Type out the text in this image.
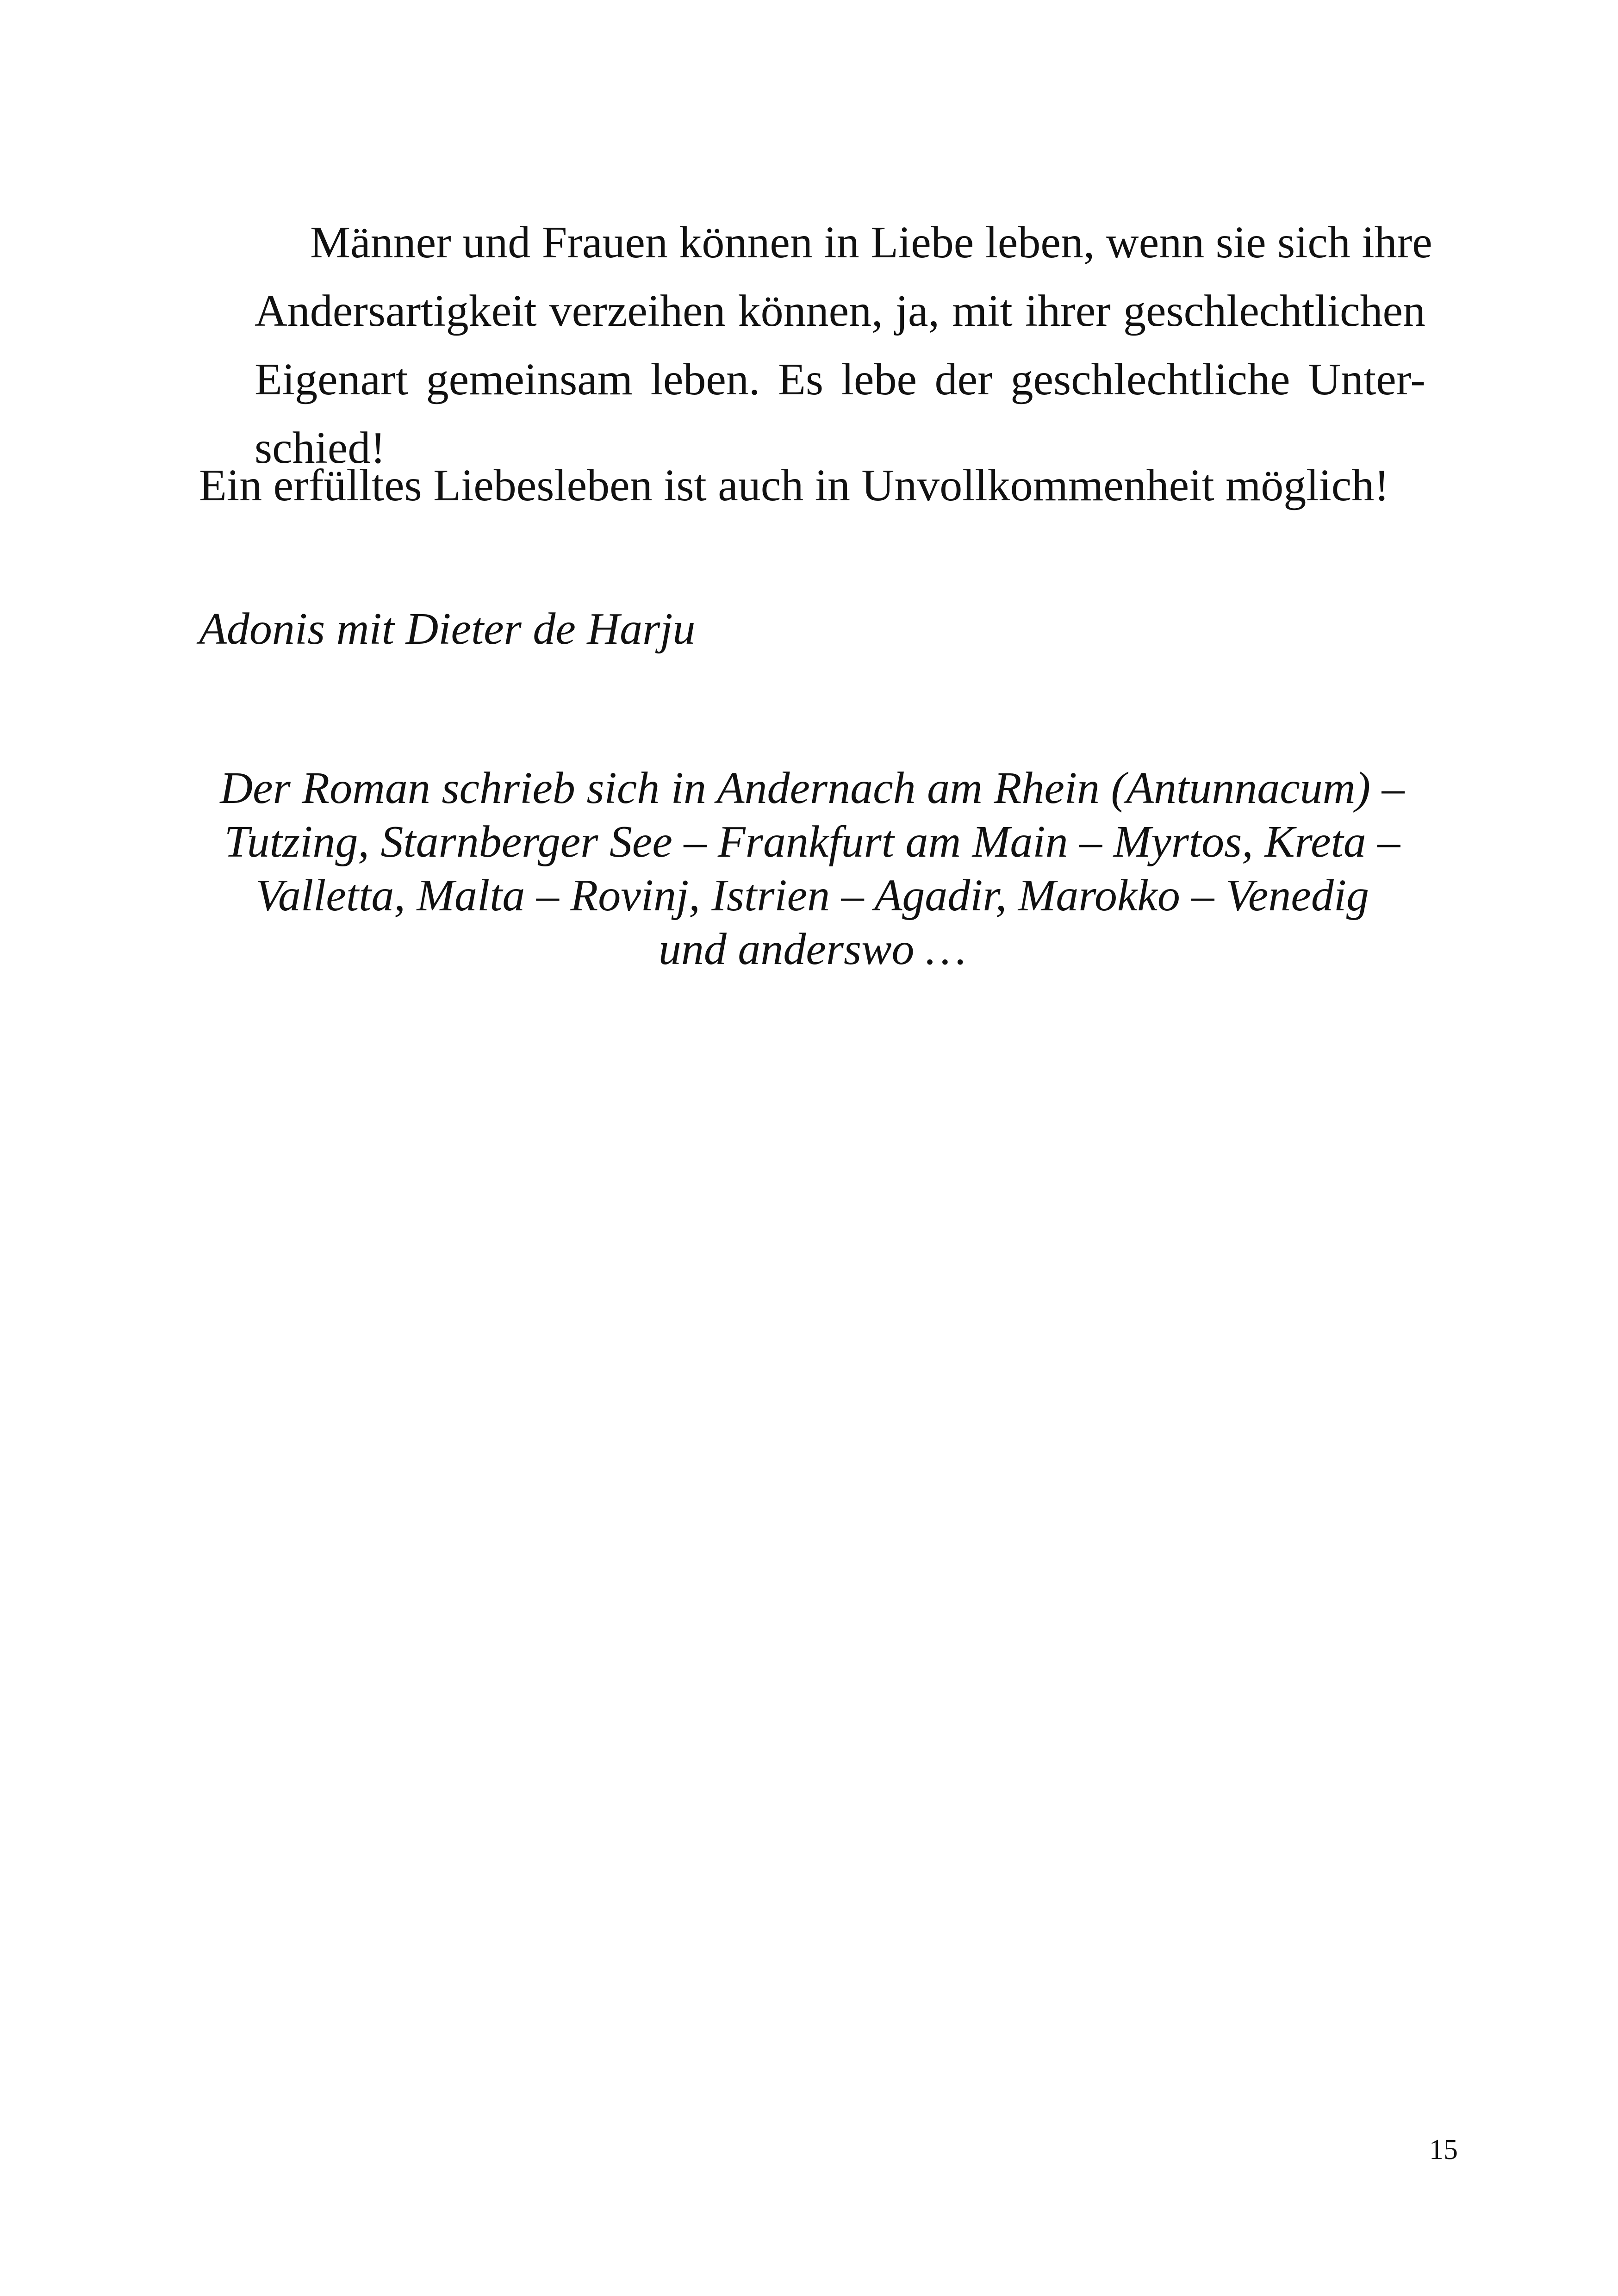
Männer und Frauen können in Liebe leben, wenn sie sich ihre
Andersartigkeit verzeihen können, ja, mit ihrer geschlechtlichen
Eigenart gemeinsam leben. Es lebe der geschlechtliche Unter-
schied!
Ein erfülltes Liebesleben ist auch in Unvollkommenheit möglich!
Adonis mit Dieter de Harju
Der Roman schrieb sich in Andernach am Rhein (Antunnacum) –
Tutzing, Starnberger See – Frankfurt am Main – Myrtos, Kreta –
Valletta, Malta – Rovinj, Istrien – Agadir, Marokko – Venedig
und anderswo …
15
